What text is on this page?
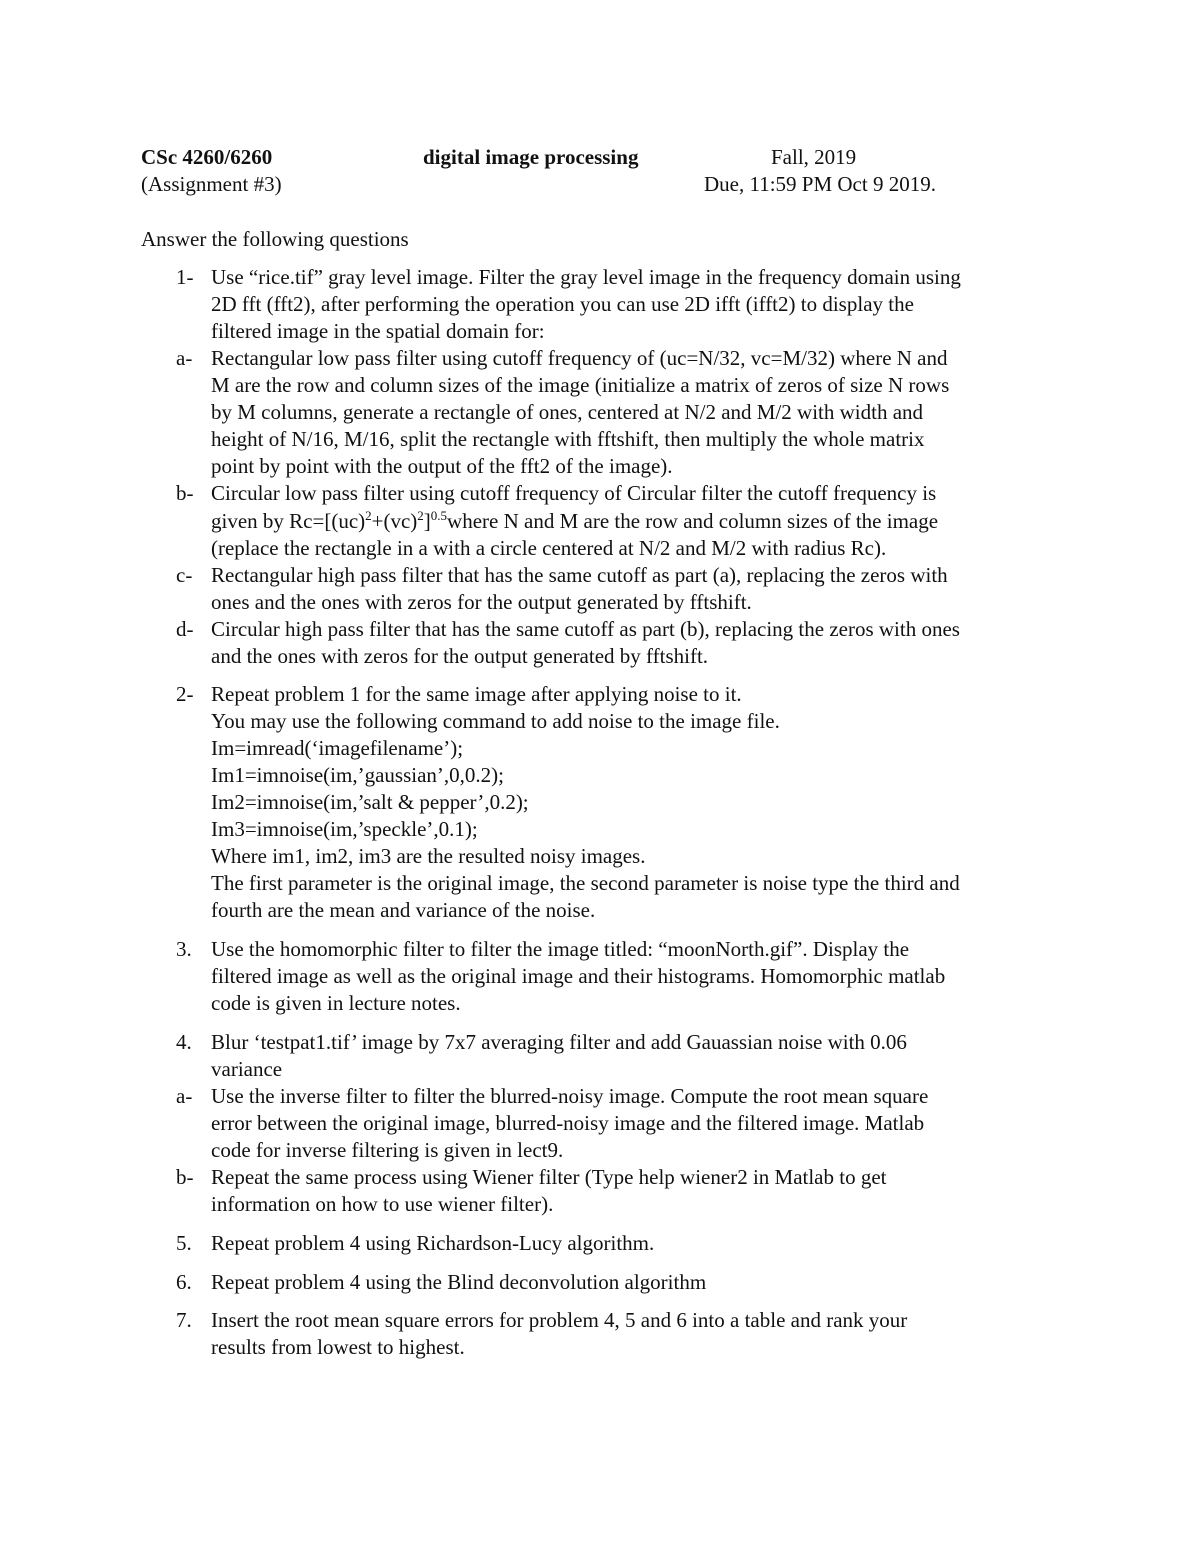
CSc 4260/6260	digital image processing	Fall, 2019
(Assignment #3)	Due, 11:59 PM Oct 9 2019.
Answer the following questions
1- Use “rice.tif” gray level image. Filter the gray level image in the frequency domain using
2D fft (fft2), after performing the operation you can use 2D ifft (ifft2) to display the
filtered image in the spatial domain for:
a- Rectangular low pass filter using cutoff frequency of (uc=N/32, vc=M/32) where N and
M are the row and column sizes of the image (initialize a matrix of zeros of size N rows
by M columns, generate a rectangle of ones, centered at N/2 and M/2 with width and
height of N/16, M/16, split the rectangle with fftshift, then multiply the whole matrix
point by point with the output of the fft2 of the image).
b- Circular low pass filter using cutoff frequency of Circular filter the cutoff frequency is
given by $Rc=[(uc)^2+(vc)^2]^{0.5}where$ N and M are the row and column sizes of the image
(replace the rectangle in a with a circle centered at N/2 and M/2 with radius Rc).
c- Rectangular high pass filter that has the same cutoff as part (a), replacing the zeros with
ones and the ones with zeros for the output generated by fftshift.
d- Circular high pass filter that has the same cutoff as part (b), replacing the zeros with ones
and the ones with zeros for the output generated by fftshift.
2- Repeat problem 1 for the same image after applying noise to it.
You may use the following command to add noise to the image file.
Im=imread(‘imagefilename’);
Im1=imnoise(im,’gaussian’,0,0.2);
Im2=imnoise(im,’salt & pepper’,0.2);
Im3=imnoise(im,’speckle’,0.1);
Where im1, im2, im3 are the resulted noisy images.
The first parameter is the original image, the second parameter is noise type the third and
fourth are the mean and variance of the noise.
3. Use the homomorphic filter to filter the image titled: “moonNorth.gif”. Display the
filtered image as well as the original image and their histograms. Homomorphic matlab
code is given in lecture notes.
4. Blur ‘testpat1.tif’ image by 7x7 averaging filter and add Gauassian noise with 0.06
variance
a- Use the inverse filter to filter the blurred-noisy image. Compute the root mean square
error between the original image, blurred-noisy image and the filtered image. Matlab
code for inverse filtering is given in lect9.
b- Repeat the same process using Wiener filter (Type help wiener2 in Matlab to get
information on how to use wiener filter).
5. Repeat problem 4 using Richardson-Lucy algorithm.
6. Repeat problem 4 using the Blind deconvolution algorithm
7. Insert the root mean square errors for problem 4, 5 and 6 into a table and rank your
results from lowest to highest.
